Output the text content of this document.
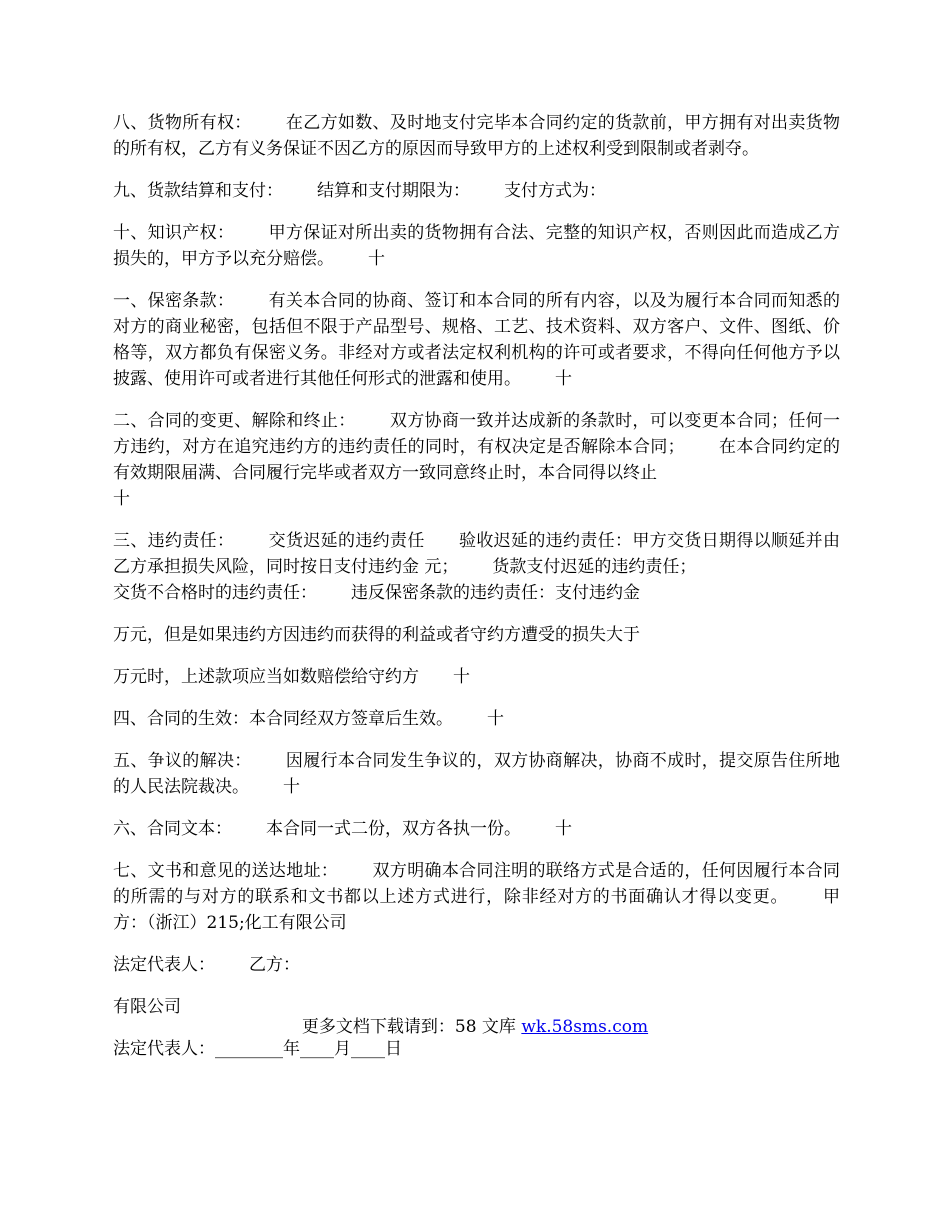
八、货物所有权： 在乙方如数、及时地支付完毕本合同约定的货款前，甲方拥有对出卖货物的所有权，乙方有义务保证不因乙方的原因而导致甲方的上述权利受到限制或者剥夺。

九、货款结算和支付： 结算和支付期限为： 支付方式为：

十、知识产权： 甲方保证对所出卖的货物拥有合法、完整的知识产权，否则因此而造成乙方损失的，甲方予以充分赔偿。 十

一、保密条款： 有关本合同的协商、签订和本合同的所有内容，以及为履行本合同而知悉的对方的商业秘密，包括但不限于产品型号、规格、工艺、技术资料、双方客户、文件、图纸、价格等，双方都负有保密义务。非经对方或者法定权利机构的许可或者要求，不得向任何他方予以披露、使用许可或者进行其他任何形式的泄露和使用。 十

二、合同的变更、解除和终止： 双方协商一致并达成新的条款时，可以变更本合同；任何一方违约，对方在追究违约方的违约责任的同时，有权决定是否解除本合同； 在本合同约定的有效期限届满、合同履行完毕或者双方一致同意终止时，本合同得以终止
十

三、违约责任： 交货迟延的违约责任 验收迟延的违约责任：甲方交货日期得以顺延并由乙方承担损失风险，同时按日支付违约金 元； 货款支付迟延的违约责任；
交货不合格时的违约责任： 违反保密条款的违约责任：支付违约金

万元，但是如果违约方因违约而获得的利益或者守约方遭受的损失大于

万元时，上述款项应当如数赔偿给守约方 十

四、合同的生效：本合同经双方签章后生效。 十

五、争议的解决： 因履行本合同发生争议的，双方协商解决，协商不成时，提交原告住所地的人民法院裁决。 十

六、合同文本： 本合同一式二份，双方各执一份。 十

七、文书和意见的送达地址： 双方明确本合同注明的联络方式是合适的，任何因履行本合同的所需的与对方的联系和文书都以上述方式进行，除非经对方的书面确认才得以变更。 甲方：（浙江）215;化工有限公司

法定代表人： 乙方：

有限公司

法定代表人：________年____月____日

更多文档下载请到：58 文库 wk.58sms.com
